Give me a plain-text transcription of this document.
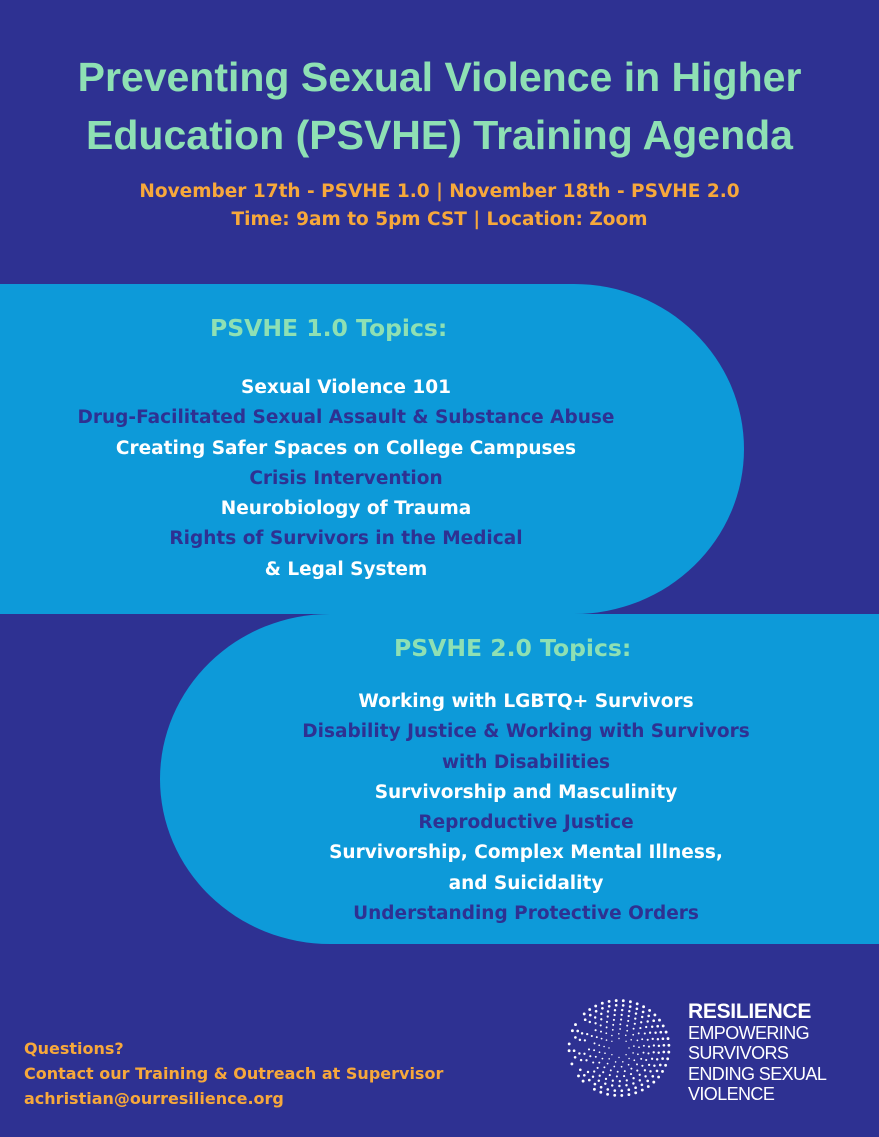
Preventing Sexual Violence in Higher
Education (PSVHE) Training Agenda
November 17th - PSVHE 1.0 | November 18th - PSVHE 2.0
Time: 9am to 5pm CST | Location: Zoom
PSVHE 1.0 Topics:
Sexual Violence 101
Drug-Facilitated Sexual Assault & Substance Abuse
Creating Safer Spaces on College Campuses
Crisis Intervention
Neurobiology of Trauma
Rights of Survivors in the Medical
& Legal System
PSVHE 2.0 Topics:
Working with LGBTQ+ Survivors
Disability Justice & Working with Survivors
with Disabilities
Survivorship and Masculinity
Reproductive Justice
Survivorship, Complex Mental Illness,
and Suicidality
Understanding Protective Orders
Questions?
Contact our Training & Outreach at Supervisor
achristian@ourresilience.org
RESILIENCE
EMPOWERING
SURVIVORS
ENDING SEXUAL
VIOLENCE
